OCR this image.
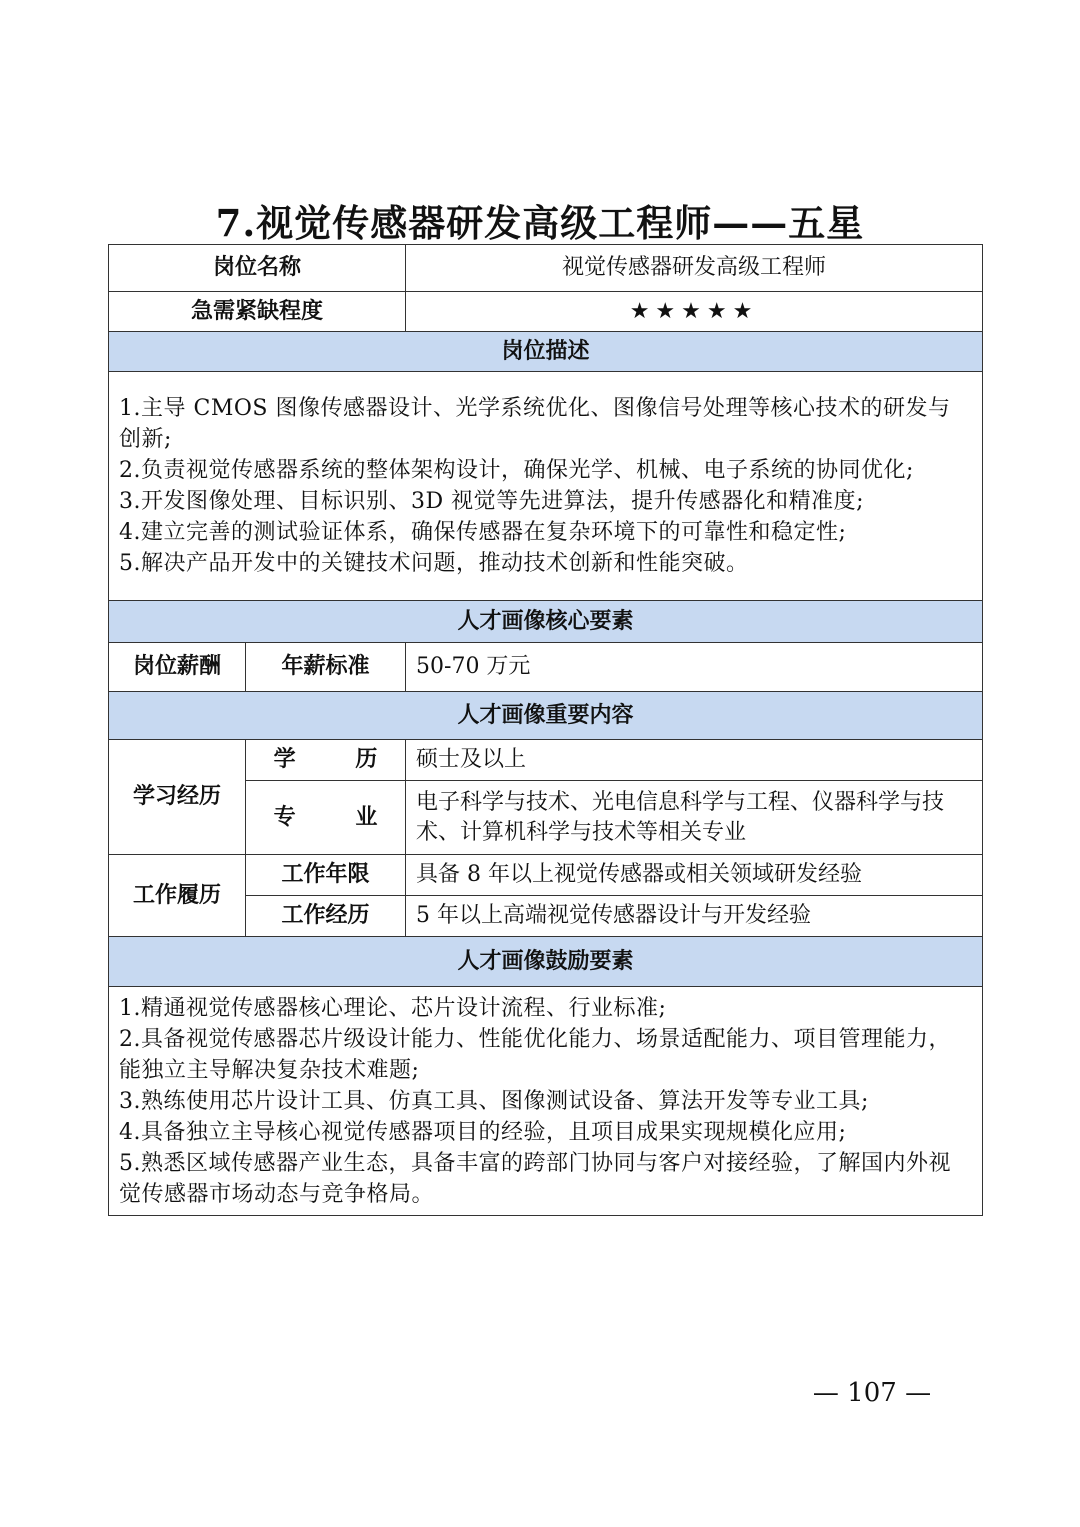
7.视觉传感器研发高级工程师——五星
岗位名称		视觉传感器研发高级工程师
急需紧缺程度		★★★★★
岗位描述		

1.主导 CMOS 图像传感器设计、光学系统优化、图像信号处理等核心技术的研发与创新;
2.负责视觉传感器系统的整体架构设计，确保光学、机械、电子系统的协同优化;
3.开发图像处理、目标识别、3D 视觉等先进算法，提升传感器化和精准度;
4.建立完善的测试验证体系，确保传感器在复杂环境下的可靠性和稳定性;
5.解决产品开发中的关键技术问题，推动技术创新和性能突破。		

人才画像核心要素		
岗位薪酬	年薪标准	50-70 万元
人才画像重要内容		
学习经历	学 历	硕士及以上
	专 业	电子科学与技术、光电信息科学与工程、仪器科学与技术、计算机科学与技术等相关专业
工作履历	工作年限	具备 8 年以上视觉传感器或相关领域研发经验
	工作经历	5 年以上高端视觉传感器设计与开发经验
人才画像鼓励要素		

1.精通视觉传感器核心理论、芯片设计流程、行业标准;
2.具备视觉传感器芯片级设计能力、性能优化能力、场景适配能力、项目管理能力，能独立主导解决复杂技术难题;
3.熟练使用芯片设计工具、仿真工具、图像测试设备、算法开发等专业工具;
4.具备独立主导核心视觉传感器项目的经验，且项目成果实现规模化应用;
5.熟悉区域传感器产业生态，具备丰富的跨部门协同与客户对接经验，了解国内外视觉传感器市场动态与竞争格局。		
— 107 —
